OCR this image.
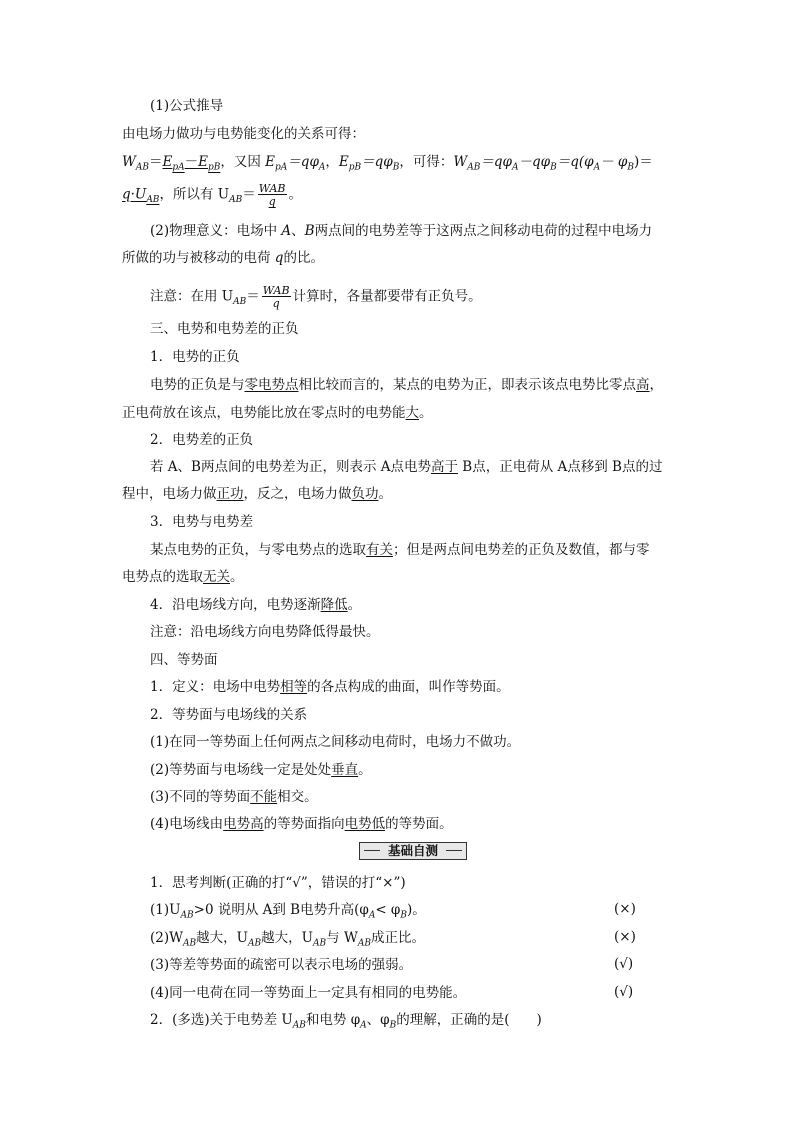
(1)公式推导
由电场力做功与电势能变化的关系可得：
$W_{AB}=E_{pA}-E_{pB}$，又因 $E_{pA}=q\varphi_A$，$E_{pB}=q\varphi_B$，可得：$W_{AB}=q\varphi_A-q\varphi_B=q(\varphi_A- \varphi_B)=$
$q\cdot U_{AB}$，所以有 $U_{AB}= \frac{\text{WAB}}{q}$ 。
(2)物理意义：电场中 A、B两点间的电势差等于这两点之间移动电荷的过程中电场力
所做的功与被移动的电荷 q的比。
注意：在用 $U_{AB}= \frac{\text{WAB}}{q}$ 计算时，各量都要带有正负号。
三、电势和电势差的正负
1．电势的正负
电势的正负是与零电势点相比较而言的，某点的电势为正，即表示该点电势比零点高，
正电荷放在该点，电势能比放在零点时的电势能大。
2．电势差的正负
若 A、B两点间的电势差为正，则表示 A点电势高于 B点，正电荷从 A点移到 B点的过
程中，电场力做正功，反之，电场力做负功。
3．电势与电势差
某点电势的正负，与零电势点的选取有关；但是两点间电势差的正负及数值，都与零
电势点的选取无关。
4．沿电场线方向，电势逐渐降低。
注意：沿电场线方向电势降低得最快。
四、等势面
1．定义：电场中电势相等的各点构成的曲面，叫作等势面。
2．等势面与电场线的关系
(1)在同一等势面上任何两点之间移动电荷时，电场力不做功。
(2)等势面与电场线一定是处处垂直。
(3)不同的等势面不能相交。
(4)电场线由电势高的等势面指向电势低的等势面。
基础自测
1．思考判断(正确的打“√”，错误的打“×”)
$(1)U_{AB}>0$ 说明从 A到 B电势升高$(\varphi_A< \varphi_B)$。	(×)
$(2)W_{AB}$越大，$U_{AB}$越大，$U_{AB}$与 $W_{AB}$成正比。	(×)
(3)等差等势面的疏密可以表示电场的强弱。	(√)
(4)同一电荷在同一等势面上一定具有相同的电势能。	(√)
2．(多选)关于电势差 $U_{AB}$和电势 $\varphi_A$、$\varphi_B$的理解，正确的是(　　)
